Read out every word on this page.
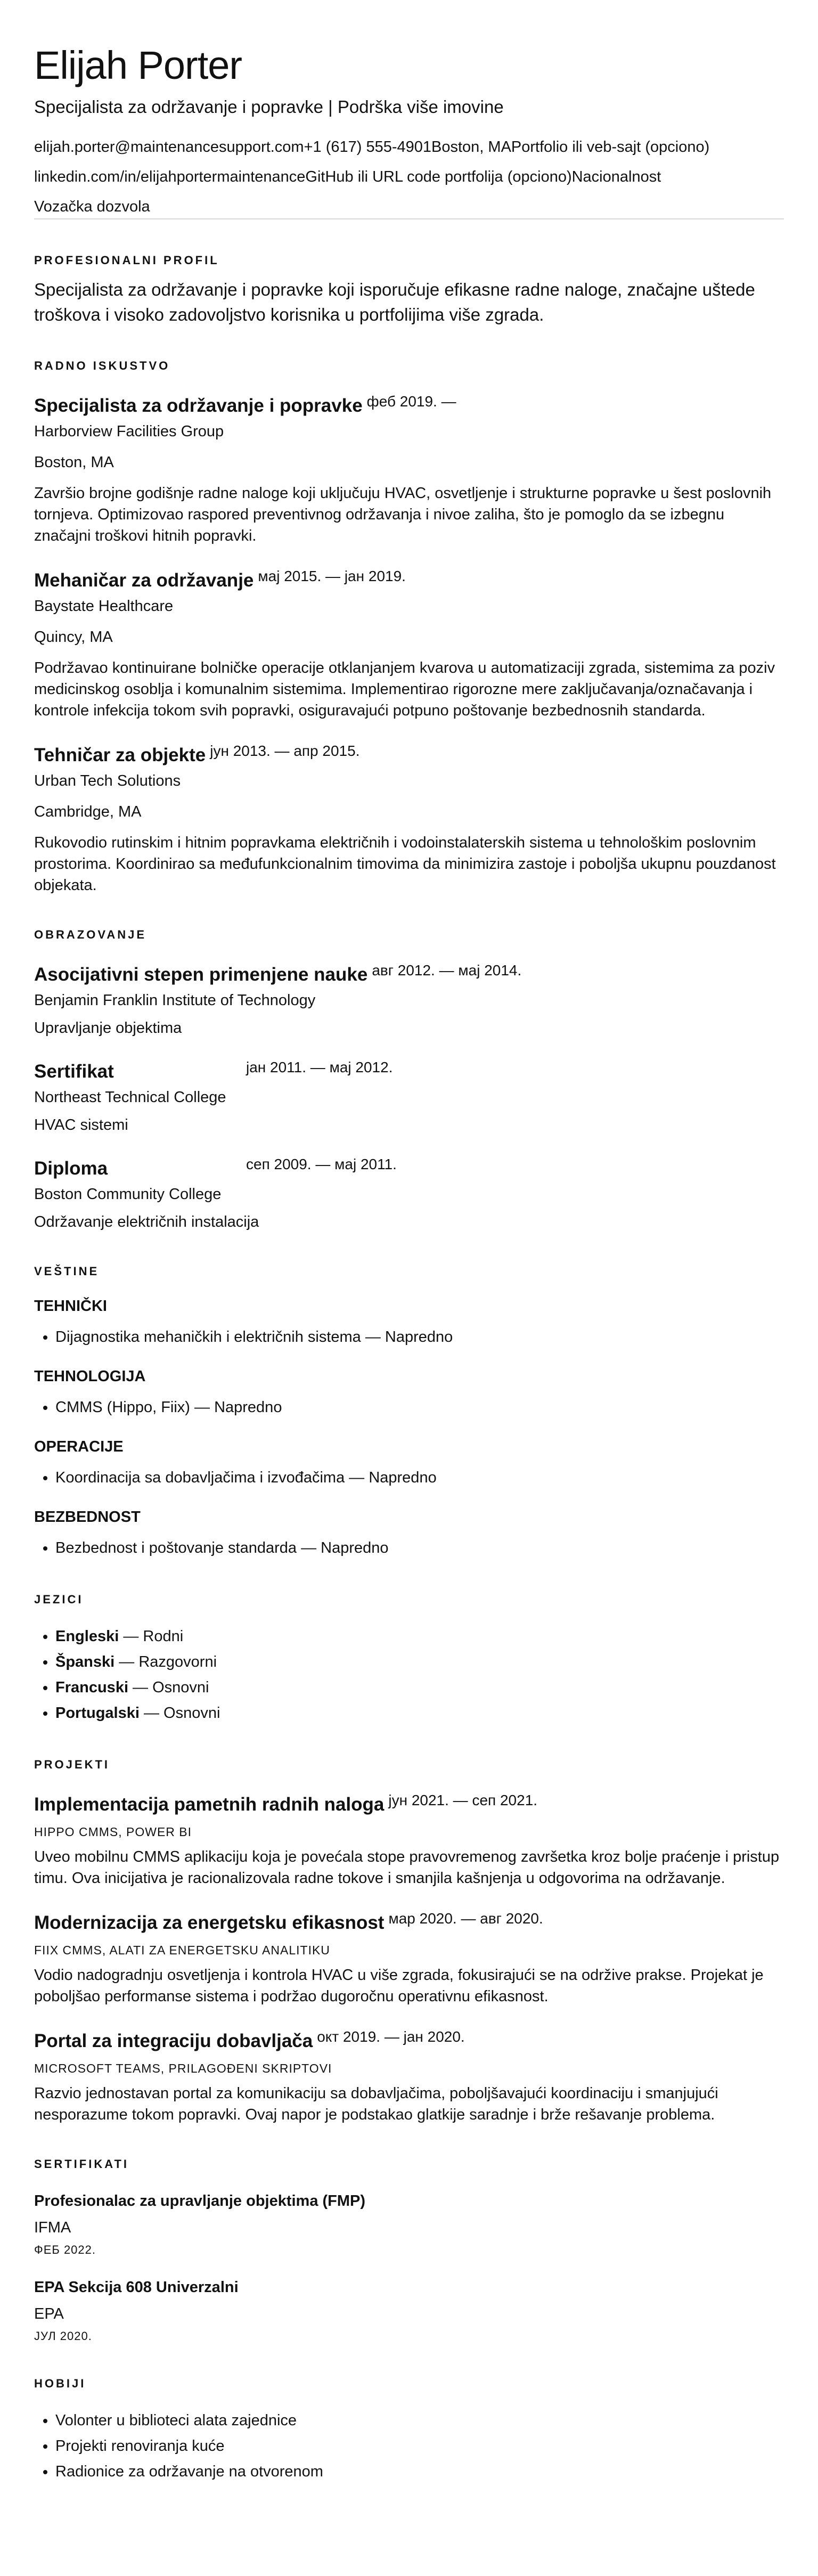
Elijah Porter
Specijalista za održavanje i popravke | Podrška više imovine
elijah.porter@maintenancesupport.com+1 (617) 555-4901Boston, MAPortfolio ili veb-sajt (opciono)
linkedin.com/in/elijahportermaintenanceGitHub ili URL code portfolija (opciono)Nacionalnost
Vozačka dozvola
PROFESIONALNI PROFIL
Specijalista za održavanje i popravke koji isporučuje efikasne radne naloge, značajne uštede troškova i visoko zadovoljstvo korisnika u portfolijima više zgrada.
RADNO ISKUSTVO
Specijalista za održavanje i popravke феб 2019. —
Harborview Facilities Group
Boston, MA
Završio brojne godišnje radne naloge koji uključuju HVAC, osvetljenje i strukturne popravke u šest poslovnih tornjeva. Optimizovao raspored preventivnog održavanja i nivoe zaliha, što je pomoglo da se izbegnu značajni troškovi hitnih popravki.
Mehaničar za održavanje мај 2015. — јан 2019.
Baystate Healthcare
Quincy, MA
Podržavao kontinuirane bolničke operacije otklanjanjem kvarova u automatizaciji zgrada, sistemima za poziv medicinskog osoblja i komunalnim sistemima. Implementirao rigorozne mere zaključavanja/označavanja i kontrole infekcija tokom svih popravki, osiguravajući potpuno poštovanje bezbednosnih standarda.
Tehničar za objekte јун 2013. — апр 2015.
Urban Tech Solutions
Cambridge, MA
Rukovodio rutinskim i hitnim popravkama električnih i vodoinstalaterskih sistema u tehnološkim poslovnim prostorima. Koordinirao sa međufunkcionalnim timovima da minimizira zastoje i poboljša ukupnu pouzdanost objekata.
OBRAZOVANJE
Asocijativni stepen primenjene nauke авг 2012. — мај 2014.
Benjamin Franklin Institute of Technology
Upravljanje objektima
Sertifikat	јан 2011. — мај 2012.
Northeast Technical College
HVAC sistemi
Diploma	сеп 2009. — мај 2011.
Boston Community College
Održavanje električnih instalacija
VEŠTINE
TEHNIČKI
• Dijagnostika mehaničkih i električnih sistema — Napredno
TEHNOLOGIJA
• CMMS (Hippo, Fiix) — Napredno
OPERACIJE
• Koordinacija sa dobavljačima i izvođačima — Napredno
BEZBEDNOST
• Bezbednost i poštovanje standarda — Napredno
JEZICI
• Engleski — Rodni
• Španski — Razgovorni
• Francuski — Osnovni
• Portugalski — Osnovni
PROJEKTI
Implementacija pametnih radnih naloga јун 2021. — сеп 2021.
HIPPO CMMS, POWER BI
Uveo mobilnu CMMS aplikaciju koja je povećala stope pravovremenog završetka kroz bolje praćenje i pristup timu. Ova inicijativa je racionalizovala radne tokove i smanjila kašnjenja u odgovorima na održavanje.
Modernizacija za energetsku efikasnost мар 2020. — авг 2020.
FIIX CMMS, ALATI ZA ENERGETSKU ANALITIKU
Vodio nadogradnju osvetljenja i kontrola HVAC u više zgrada, fokusirajući se na održive prakse. Projekat je poboljšao performanse sistema i podržao dugoročnu operativnu efikasnost.
Portal za integraciju dobavljača окт 2019. — јан 2020.
MICROSOFT TEAMS, PRILAGOĐENI SKRIPTOVI
Razvio jednostavan portal za komunikaciju sa dobavljačima, poboljšavajući koordinaciju i smanjujući nesporazume tokom popravki. Ovaj napor je podstakao glatkije saradnje i brže rešavanje problema.
SERTIFIKATI
Profesionalac za upravljanje objektima (FMP)
IFMA
ФЕБ 2022.
EPA Sekcija 608 Univerzalni
EPA
ЈУЛ 2020.
HOBIJI
• Volonter u biblioteci alata zajednice
• Projekti renoviranja kuće
• Radionice za održavanje na otvorenom
